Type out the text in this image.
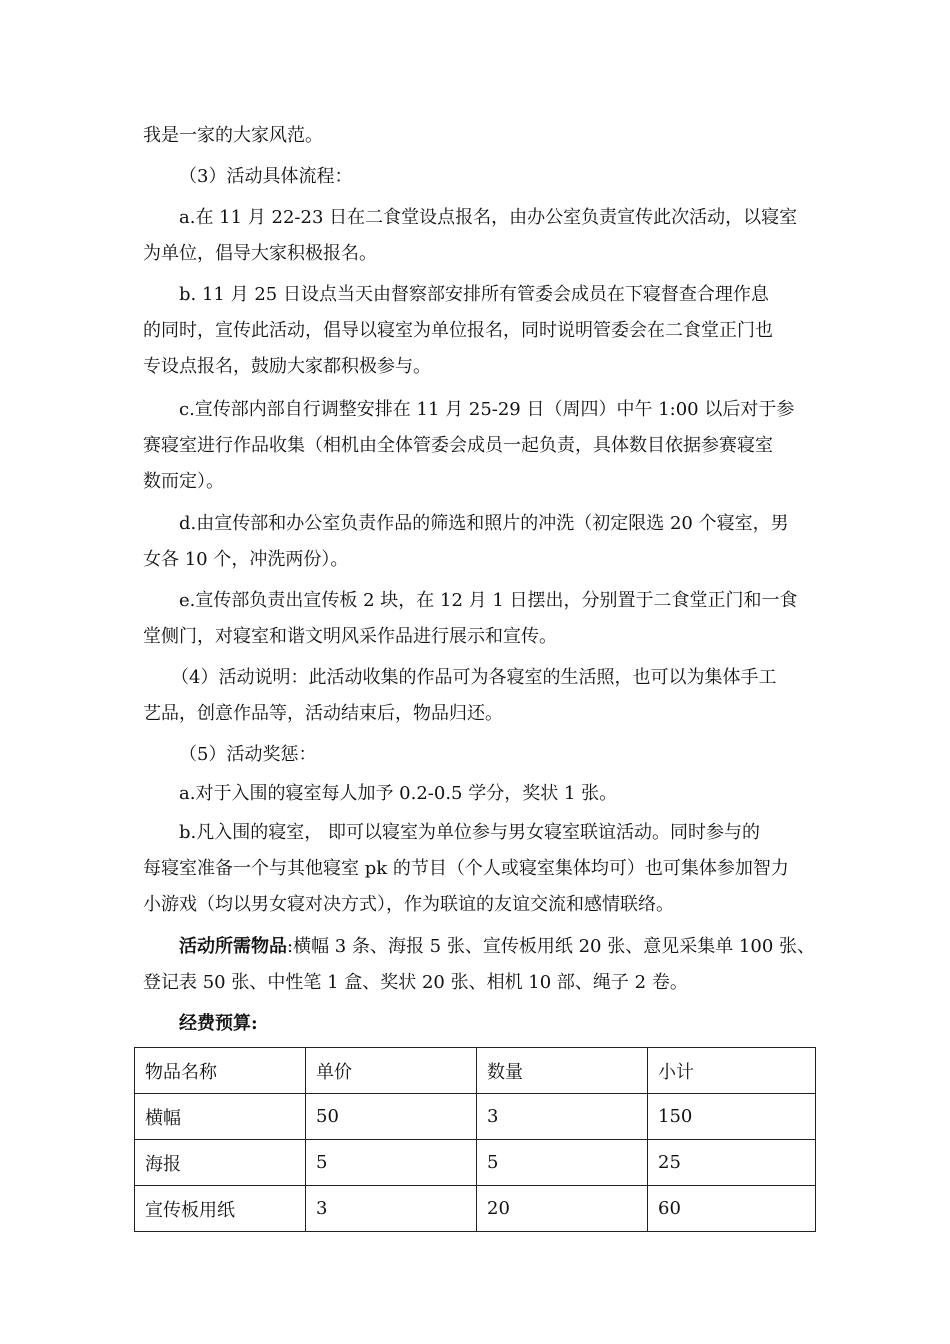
我是一家的大家风范。

（3）活动具体流程：

a.在 11 月 22-23 日在二食堂设点报名，由办公室负责宣传此次活动，以寝室
为单位，倡导大家积极报名。

b. 11 月 25 日设点当天由督察部安排所有管委会成员在下寝督查合理作息
的同时，宣传此活动，倡导以寝室为单位报名，同时说明管委会在二食堂正门也
专设点报名，鼓励大家都积极参与。

c.宣传部内部自行调整安排在 11 月 25-29 日（周四）中午 1:00 以后对于参
赛寝室进行作品收集（相机由全体管委会成员一起负责，具体数目依据参赛寝室
数而定）。

d.由宣传部和办公室负责作品的筛选和照片的冲洗（初定限选 20 个寝室，男
女各 10 个，冲洗两份）。

e.宣传部负责出宣传板 2 块，在 12 月 1 日摆出，分别置于二食堂正门和一食
堂侧门，对寝室和谐文明风采作品进行展示和宣传。

（4）活动说明：此活动收集的作品可为各寝室的生活照，也可以为集体手工
艺品，创意作品等，活动结束后，物品归还。

（5）活动奖惩：

a.对于入围的寝室每人加予 0.2-0.5 学分，奖状 1 张。

b.凡入围的寝室， 即可以寝室为单位参与男女寝室联谊活动。同时参与的
每寝室准备一个与其他寝室 pk 的节目（个人或寝室集体均可）也可集体参加智力
小游戏（均以男女寝对决方式），作为联谊的友谊交流和感情联络。

活动所需物品:横幅 3 条、海报 5 张、宣传板用纸 20 张、意见采集单 100 张、
登记表 50 张、中性笔 1 盒、奖状 20 张、相机 10 部、绳子 2 卷。

经费预算:

物品名称	单价	数量	小计
横幅	50	3	150
海报	5	5	25
宣传板用纸	3	20	60
